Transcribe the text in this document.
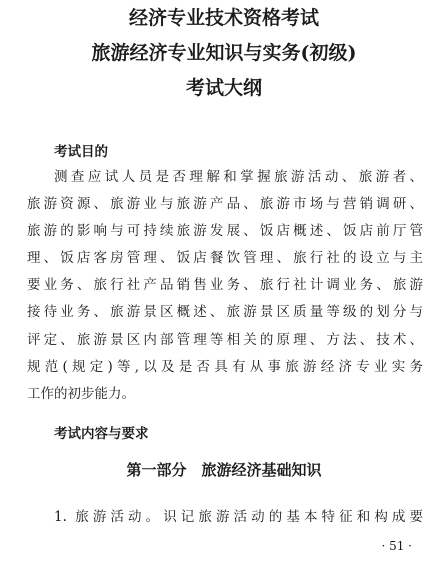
经济专业技术资格考试
旅游经济专业知识与实务(初级)
考试大纲
考试目的
测查应试人员是否理解和掌握旅游活动、旅游者、
旅游资源、旅游业与旅游产品、旅游市场与营销调研、
旅游的影响与可持续旅游发展、饭店概述、饭店前厅管
理、饭店客房管理、饭店餐饮管理、旅行社的设立与主
要业务、旅行社产品销售业务、旅行社计调业务、旅游
接待业务、旅游景区概述、旅游景区质量等级的划分与
评定、旅游景区内部管理等相关的原理、方法、技术、
规范(规定)等,以及是否具有从事旅游经济专业实务
工作的初步能力。
考试内容与要求
第一部分　旅游经济基础知识

1. 旅游活动。识记旅游活动的基本特征和构成要

· 51 ·
